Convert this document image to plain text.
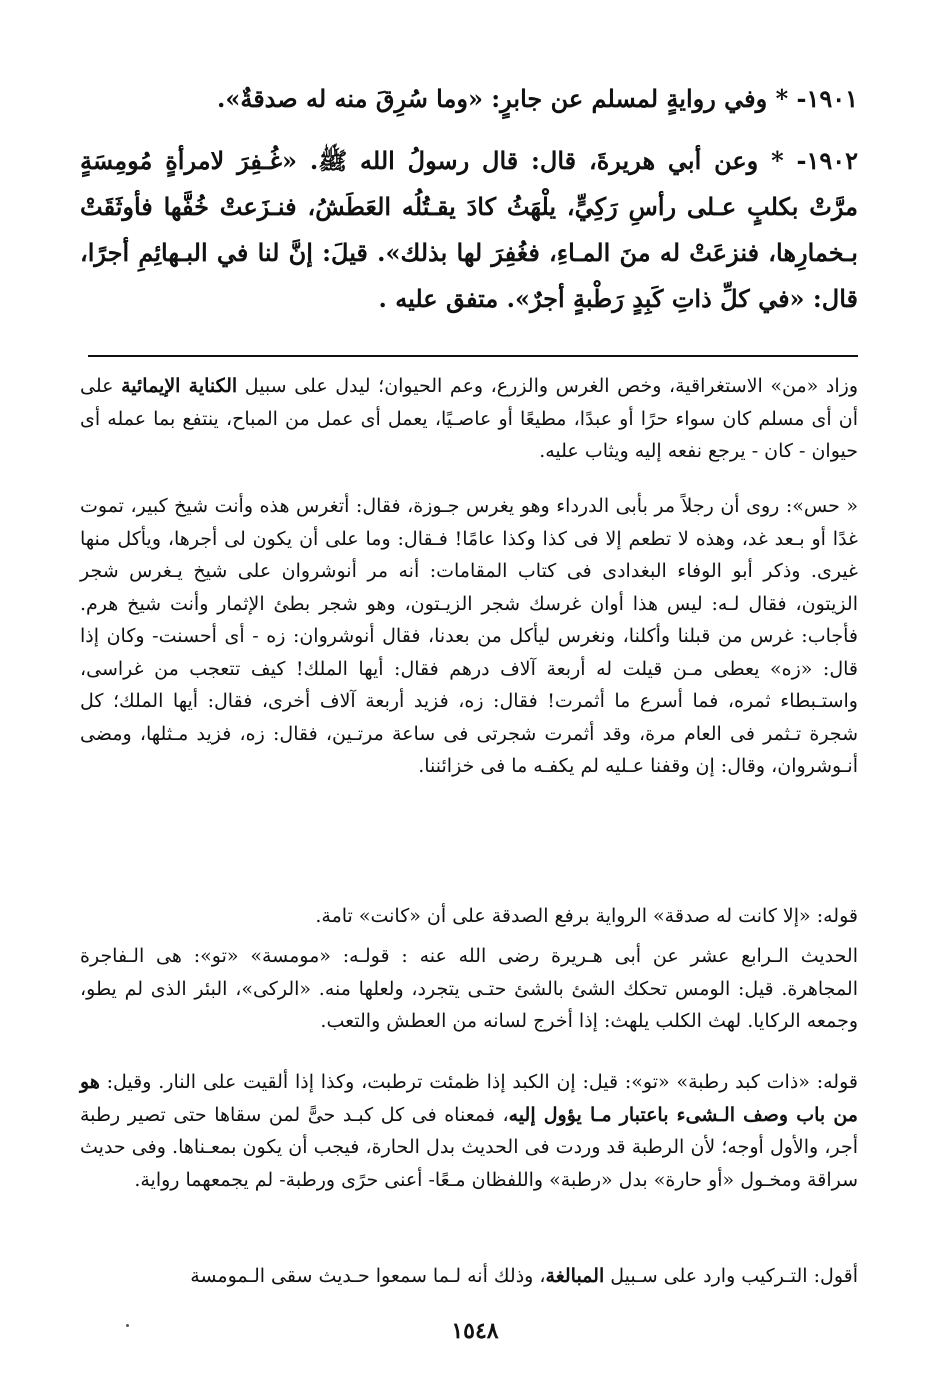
١٩٠١- * وفي روايةٍ لمسلم عن جابرٍ: «وما سُرِقَ منه له صدقةٌ».
١٩٠٢- * وعن أبي هريرةَ، قال: قال رسولُ الله ﷺ. «غُـفِرَ لامرأةٍ مُومِسَةٍ مرَّتْ بكلبٍ عـلى رأسِ رَكِيٍّ، يلْهَثُ كادَ يقـتُلُه العَطَشُ، فنـزَعتْ خُفَّها فأوثَقَتْ بـخمارِها، فنزعَتْ له منَ المـاءِ، فغُفِرَ لها بذلك». قيلَ: إنَّ لنا في البـهائِمِ أجرًا، قال: «في كلِّ ذاتِ كَبِدٍ رَطْبةٍ أجرٌ». متفق عليه .

وزاد «من» الاستغراقية، وخص الغرس والزرع، وعم الحيوان؛ ليدل على سبيل الكناية الإيمائية على أن أى مسلم كان سواء حرًا أو عبدًا، مطيعًا أو عاصـيًا، يعمل أى عمل من المباح، ينتفع بما عمله أى حيوان - كان - يرجع نفعه إليه ويثاب عليه.

« حس»: روى أن رجلاً مر بأبى الدرداء وهو يغرس جـوزة، فقال: أتغرس هذه وأنت شيخ كبير، تموت غدًا أو بـعد غد، وهذه لا تطعم إلا فى كذا وكذا عامًا! فـقال: وما على أن يكون لى أجرها، ويأكل منها غيرى. وذكر أبو الوفاء البغدادى فى كتاب المقامات: أنه مر أنوشروان على شيخ يـغرس شجر الزيتون، فقال لـه: ليس هذا أوان غرسك شجر الزيـتون، وهو شجر بطئ الإثمار وأنت شيخ هرم. فأجاب: غرس من قبلنا وأكلنا، ونغرس ليأكل من بعدنا، فقال أنوشروان: زه - أى أحسنت- وكان إذا قال: «زه» يعطى مـن قيلت له أربعة آلاف درهم فقال: أيها الملك! كيف تتعجب من غراسى، واستـبطاء ثمره، فما أسرع ما أثمرت! فقال: زه، فزيد أربعة آلاف أخرى، فقال: أيها الملك؛ كل شجرة تـثمر فى العام مرة، وقد أثمرت شجرتى فى ساعة مرتـين، فقال: زه، فزيد مـثلها، ومضى أنـوشروان، وقال: إن وقفنا عـليه لم يكفـه ما فى خزائننا.

قوله: «إلا كانت له صدقة» الرواية برفع الصدقة على أن «كانت» تامة.

الحديث الـرابع عشر عن أبى هـريرة رضى الله عنه : قولـه: «مومسة» «تو»: هى الـفاجرة المجاهرة. قيل: الومس تحكك الشئ بالشئ حتـى يتجرد، ولعلها منه. «الركى»، البئر الذى لم يطو، وجمعه الركايا. لهث الكلب يلهث: إذا أخرج لسانه من العطش والتعب.

قوله: «ذات كبد رطبة» «تو»: قيل: إن الكبد إذا ظمئت ترطبت، وكذا إذا ألقيت على النار. وقيل: هو من باب وصف الـشىء باعتبار مـا يؤول إليه، فمعناه فى كل كبـد حىًّ لمن سقاها حتى تصير رطبة أجر، والأول أوجه؛ لأن الرطبة قد وردت فى الحديث بدل الحارة، فيجب أن يكون بمعـناها. وفى حديث سراقة ومخـول «أو حارة» بدل «رطبة» واللفظان مـعًا- أعنى حرًى ورطبة- لم يجمعهما رواية.

أقول: التـركيب وارد على سـبيل المبالغة، وذلك أنه لـما سمعوا حـديث سقى الـمومسة

١٥٤٨
